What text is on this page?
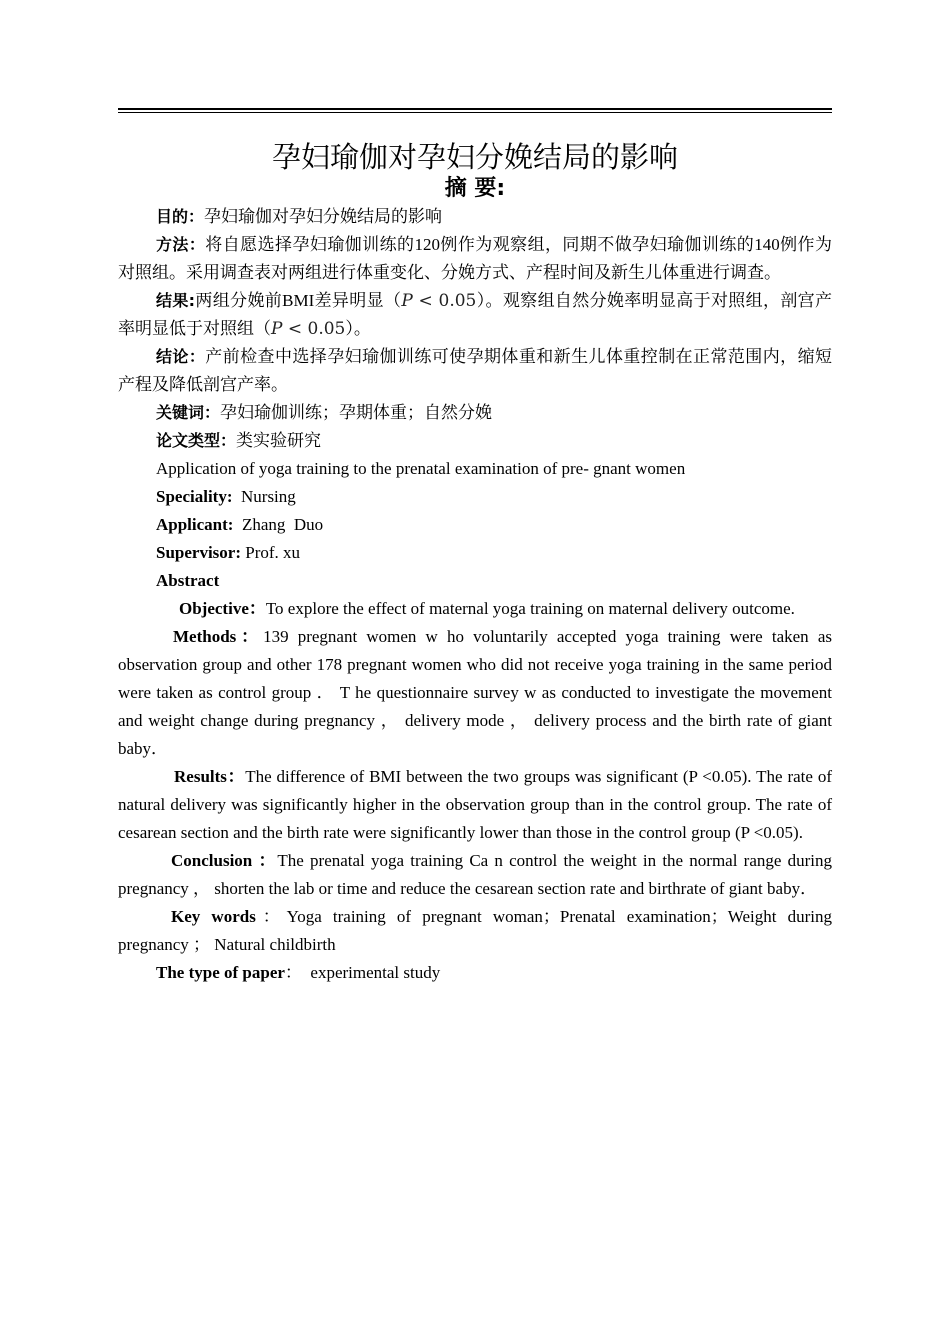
孕妇瑜伽对孕妇分娩结局的影响
摘 要:
目的：孕妇瑜伽对孕妇分娩结局的影响
方法：将自愿选择孕妇瑜伽训练的120例作为观察组，同期不做孕妇瑜伽训练的140例作为对照组。采用调查表对两组进行体重变化、分娩方式、产程时间及新生儿体重进行调查。
结果:两组分娩前BMI差异明显（P < 0.05）。观察组自然分娩率明显高于对照组，剖宫产率明显低于对照组（P < 0.05）。
结论：产前检查中选择孕妇瑜伽训练可使孕期体重和新生儿体重控制在正常范围内，缩短产程及降低剖宫产率。
关键词：孕妇瑜伽训练；孕期体重；自然分娩
论文类型：类实验研究
Application of yoga training to the prenatal examination of pre- gnant women
Speciality: Nursing
Applicant: Zhang  Duo
Supervisor: Prof. xu
Abstract
Objective：To explore the effect of maternal yoga training on maternal delivery outcome.
Methods：139 pregnant women w ho voluntarily accepted yoga training were taken as observation group and other 178 pregnant women who did not receive yoga training in the same period were taken as control group ． T he questionnaire survey w as conducted to investigate the movement and weight change during pregnancy ， delivery mode ， delivery process and the birth rate of giant baby．
Results：The difference of BMI between the two groups was significant (P <0.05). The rate of natural delivery was significantly higher in the observation group than in the control group. The rate of cesarean section and the birth rate were significantly lower than those in the control group (P <0.05).
Conclusion ：The prenatal yoga training Ca n control the weight in the normal range during pregnancy ， shorten the lab or time and reduce the cesarean section rate and birthrate of giant baby．
Key words：Yoga training of pregnant woman；Prenatal examination；Weight during pregnancy ； Natural childbirth
The type of paper：  experimental study
